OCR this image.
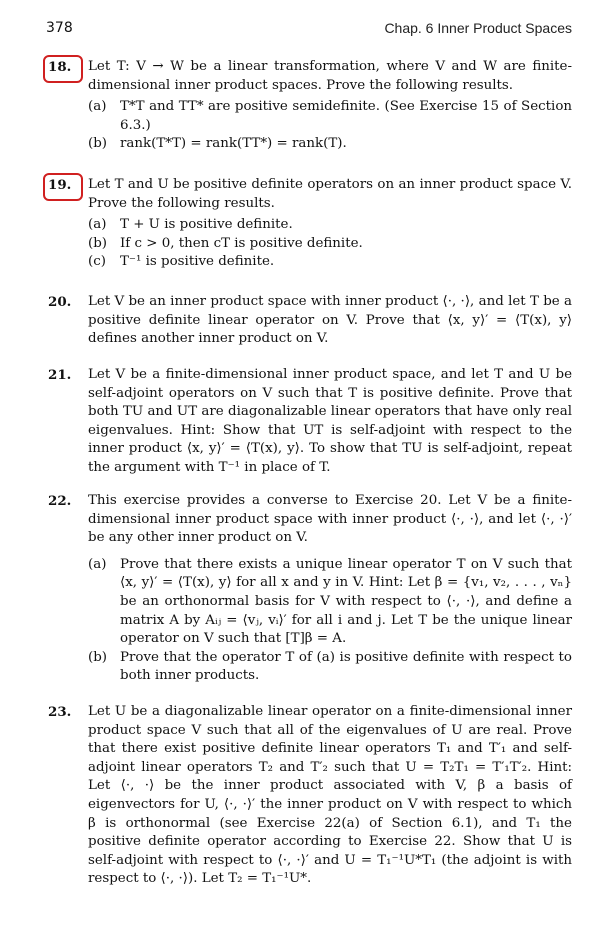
378	Chap. 6 Inner Product Spaces
18. Let T: V → W be a linear transformation, where V and W are finite-dimensional inner product spaces. Prove the following results.
(a) T*T and TT* are positive semidefinite. (See Exercise 15 of Section 6.3.)
(b) rank(T*T) = rank(TT*) = rank(T).
19. Let T and U be positive definite operators on an inner product space V. Prove the following results.
(a) T + U is positive definite.
(b) If c > 0, then cT is positive definite.
(c) T⁻¹ is positive definite.
20. Let V be an inner product space with inner product ⟨·, ·⟩, and let T be a positive definite linear operator on V. Prove that ⟨x, y⟩′ = ⟨T(x), y⟩ defines another inner product on V.
21. Let V be a finite-dimensional inner product space, and let T and U be self-adjoint operators on V such that T is positive definite. Prove that both TU and UT are diagonalizable linear operators that have only real eigenvalues. Hint: Show that UT is self-adjoint with respect to the inner product ⟨x, y⟩′ = ⟨T(x), y⟩. To show that TU is self-adjoint, repeat the argument with T⁻¹ in place of T.
22. This exercise provides a converse to Exercise 20. Let V be a finite-dimensional inner product space with inner product ⟨·, ·⟩, and let ⟨·, ·⟩′ be any other inner product on V.
(a) Prove that there exists a unique linear operator T on V such that ⟨x, y⟩′ = ⟨T(x), y⟩ for all x and y in V. Hint: Let β = {v₁, v₂, . . . , vₙ} be an orthonormal basis for V with respect to ⟨·, ·⟩, and define a matrix A by Aᵢⱼ = ⟨vⱼ, vᵢ⟩′ for all i and j. Let T be the unique linear operator on V such that [T]β = A.
(b) Prove that the operator T of (a) is positive definite with respect to both inner products.
23. Let U be a diagonalizable linear operator on a finite-dimensional inner product space V such that all of the eigenvalues of U are real. Prove that there exist positive definite linear operators T₁ and T′₁ and self-adjoint linear operators T₂ and T′₂ such that U = T₂T₁ = T′₁T′₂. Hint: Let ⟨·, ·⟩ be the inner product associated with V, β a basis of eigenvectors for U, ⟨·, ·⟩′ the inner product on V with respect to which β is orthonormal (see Exercise 22(a) of Section 6.1), and T₁ the positive definite operator according to Exercise 22. Show that U is self-adjoint with respect to ⟨·, ·⟩′ and U = T₁⁻¹U*T₁ (the adjoint is with respect to ⟨·, ·⟩). Let T₂ = T₁⁻¹U*.
